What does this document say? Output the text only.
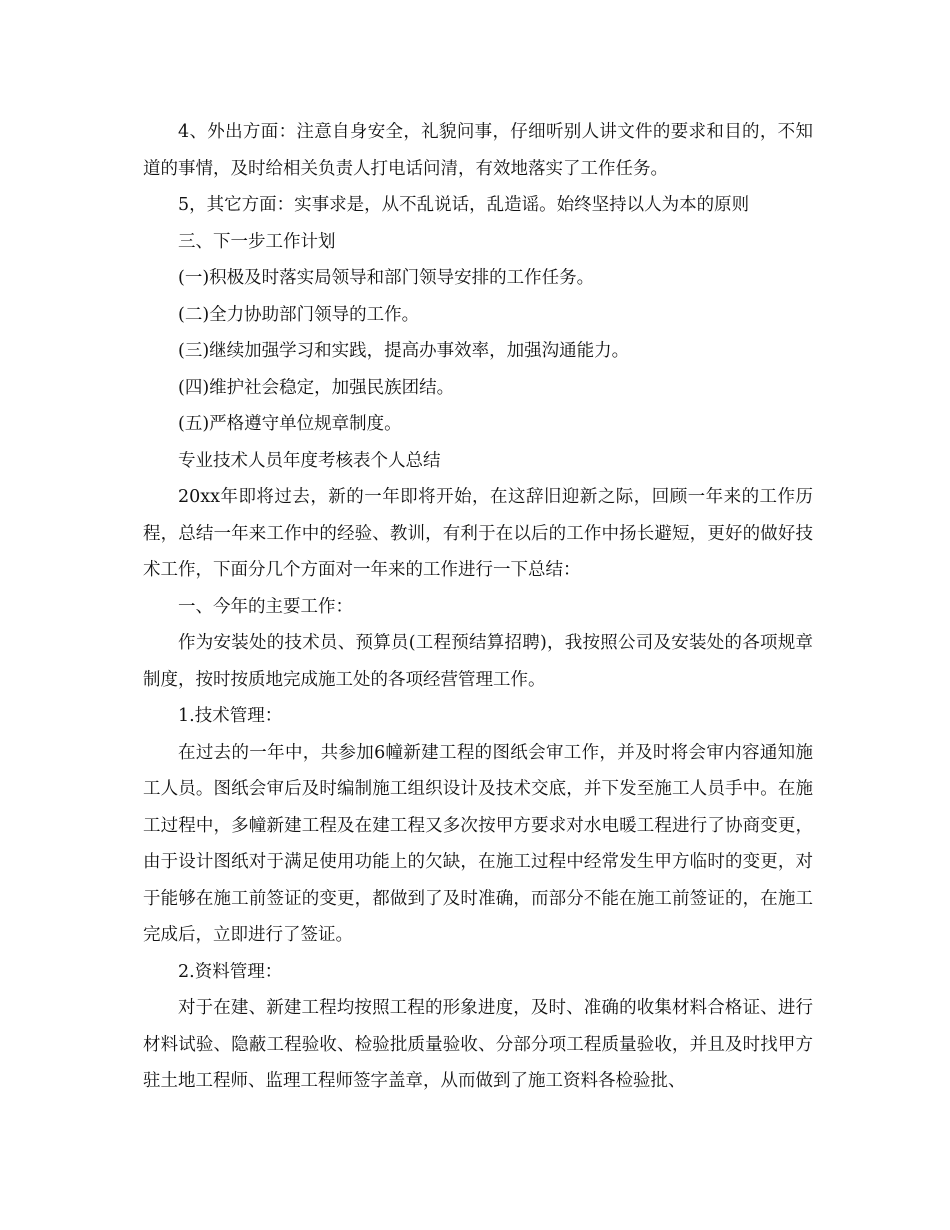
4、外出方面：注意自身安全，礼貌问事，仔细听别人讲文件的要求和目的，不知道的事情，及时给相关负责人打电话问清，有效地落实了工作任务。

5，其它方面：实事求是，从不乱说话，乱造谣。始终坚持以人为本的原则

三、下一步工作计划

(一)积极及时落实局领导和部门领导安排的工作任务。

(二)全力协助部门领导的工作。

(三)继续加强学习和实践，提高办事效率，加强沟通能力。

(四)维护社会稳定，加强民族团结。

(五)严格遵守单位规章制度。

专业技术人员年度考核表个人总结

20xx年即将过去，新的一年即将开始，在这辞旧迎新之际，回顾一年来的工作历程，总结一年来工作中的经验、教训，有利于在以后的工作中扬长避短，更好的做好技术工作，下面分几个方面对一年来的工作进行一下总结：

一、今年的主要工作：

作为安装处的技术员、预算员(工程预结算招聘)，我按照公司及安装处的各项规章制度，按时按质地完成施工处的各项经营管理工作。

1.技术管理：

在过去的一年中，共参加6幢新建工程的图纸会审工作，并及时将会审内容通知施工人员。图纸会审后及时编制施工组织设计及技术交底，并下发至施工人员手中。在施工过程中，多幢新建工程及在建工程又多次按甲方要求对水电暖工程进行了协商变更，由于设计图纸对于满足使用功能上的欠缺，在施工过程中经常发生甲方临时的变更，对于能够在施工前签证的变更，都做到了及时准确，而部分不能在施工前签证的，在施工完成后，立即进行了签证。

2.资料管理：

对于在建、新建工程均按照工程的形象进度，及时、准确的收集材料合格证、进行材料试验、隐蔽工程验收、检验批质量验收、分部分项工程质量验收，并且及时找甲方驻土地工程师、监理工程师签字盖章，从而做到了施工资料各检验批、
